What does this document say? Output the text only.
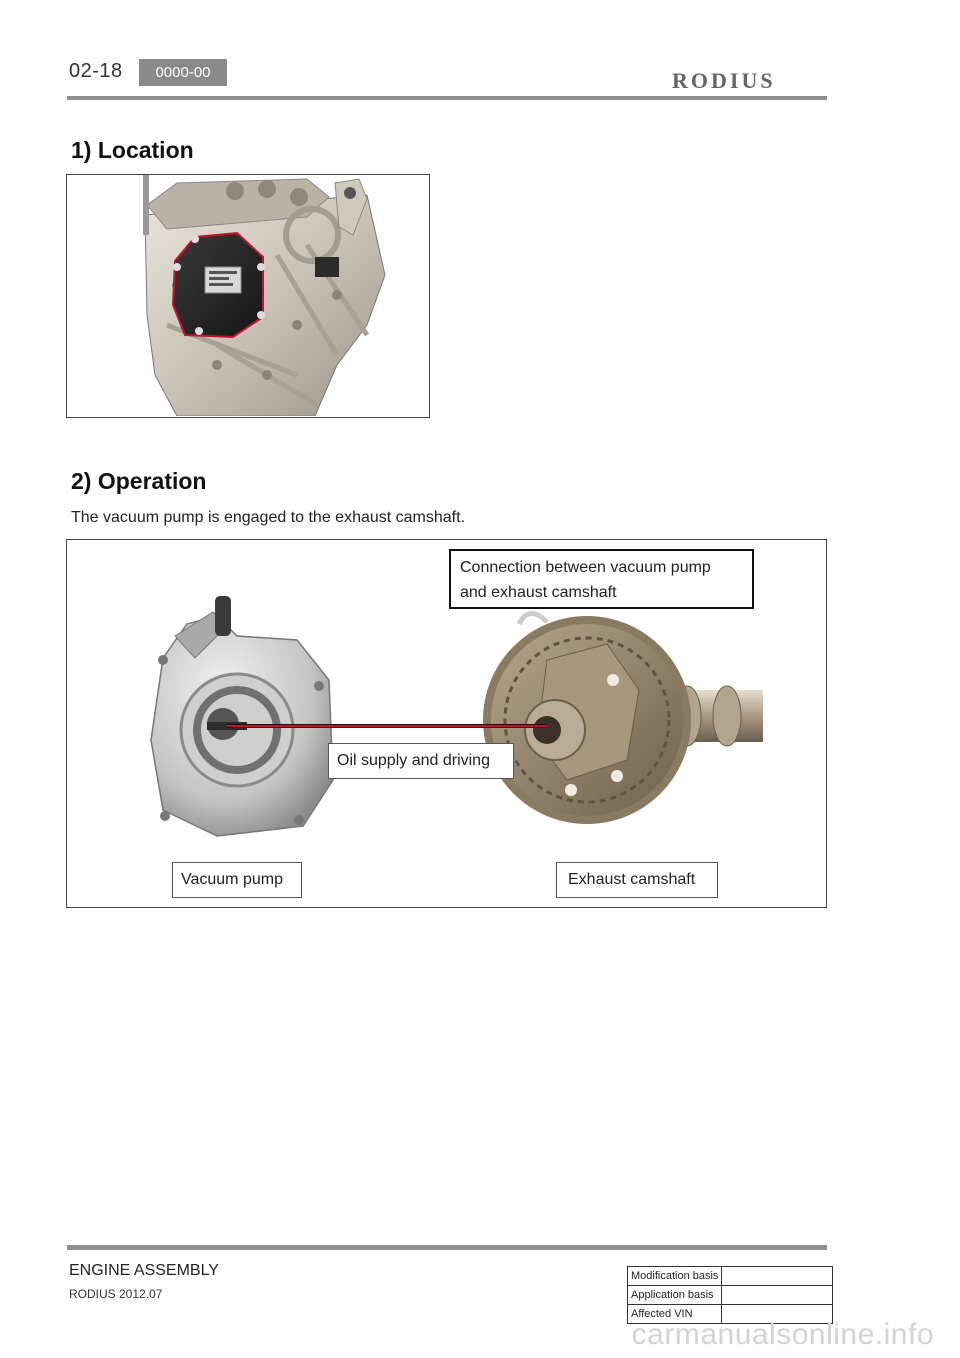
02-18	0000-00	RODIUS
1) Location
2) Operation
The vacuum pump is engaged to the exhaust camshaft.
Connection between vacuum pump
and exhaust camshaft
Oil supply and driving
Vacuum pump	Exhaust camshaft
ENGINE ASSEMBLY
RODIUS 2012.07
Modification basis	
Application basis	
Affected VIN	
carmanualsonline.info
